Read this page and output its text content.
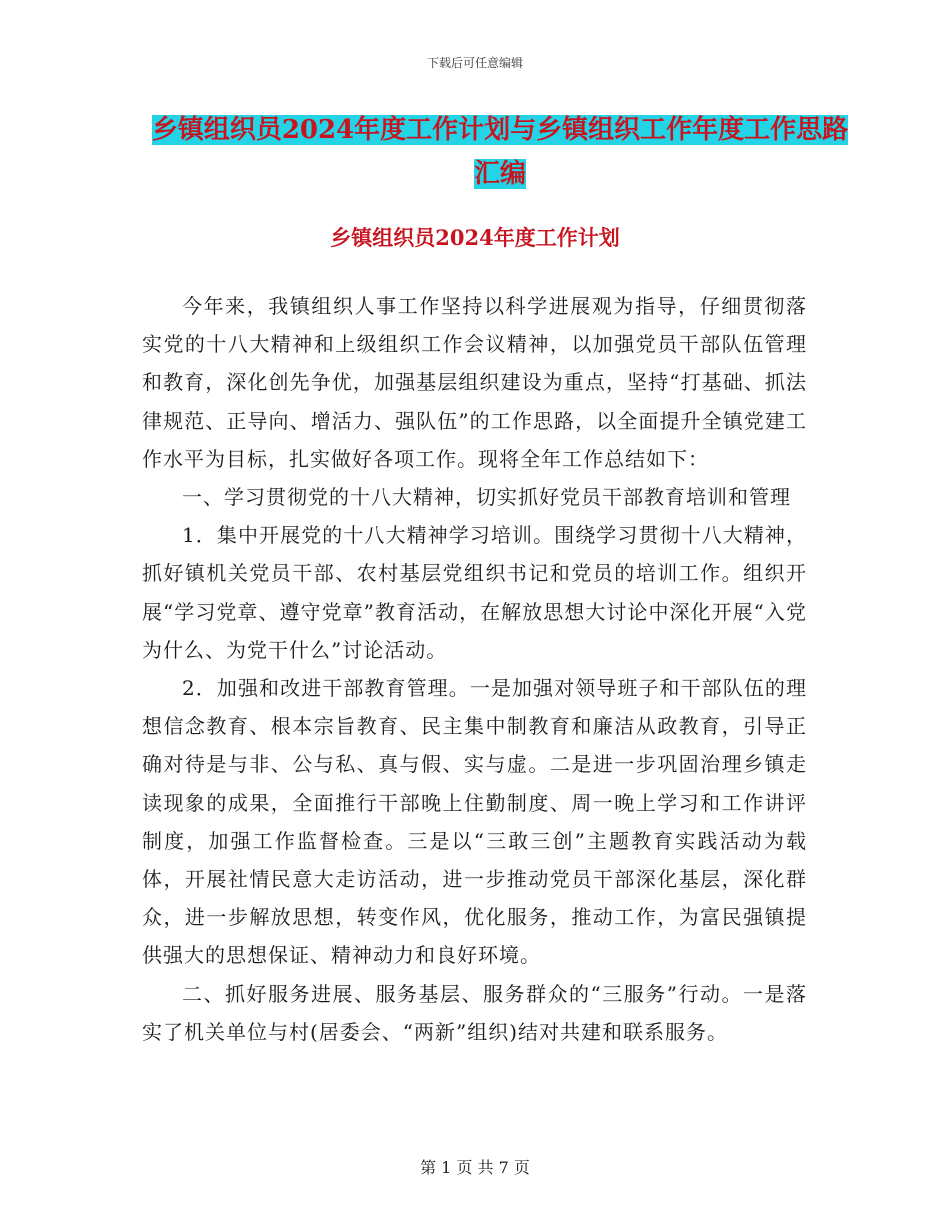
下载后可任意编辑
乡镇组织员2024年度工作计划与乡镇组织工作年度工作思路汇编
乡镇组织员2024年度工作计划

今年来，我镇组织人事工作坚持以科学进展观为指导，仔细贯彻落实党的十八大精神和上级组织工作会议精神，以加强党员干部队伍管理和教育，深化创先争优，加强基层组织建设为重点，坚持“打基础、抓法律规范、正导向、增活力、强队伍”的工作思路，以全面提升全镇党建工作水平为目标，扎实做好各项工作。现将全年工作总结如下：

一、学习贯彻党的十八大精神，切实抓好党员干部教育培训和管理

1．集中开展党的十八大精神学习培训。围绕学习贯彻十八大精神，抓好镇机关党员干部、农村基层党组织书记和党员的培训工作。组织开展“学习党章、遵守党章”教育活动，在解放思想大讨论中深化开展“入党为什么、为党干什么”讨论活动。

2．加强和改进干部教育管理。一是加强对领导班子和干部队伍的理想信念教育、根本宗旨教育、民主集中制教育和廉洁从政教育，引导正确对待是与非、公与私、真与假、实与虚。二是进一步巩固治理乡镇走读现象的成果，全面推行干部晚上住勤制度、周一晚上学习和工作讲评制度，加强工作监督检查。三是以“三敢三创”主题教育实践活动为载体，开展社情民意大走访活动，进一步推动党员干部深化基层，深化群众，进一步解放思想，转变作风，优化服务，推动工作，为富民强镇提供强大的思想保证、精神动力和良好环境。

二、抓好服务进展、服务基层、服务群众的“三服务”行动。一是落实了机关单位与村(居委会、“两新”组织)结对共建和联系服务。

第 1 页 共 7 页
